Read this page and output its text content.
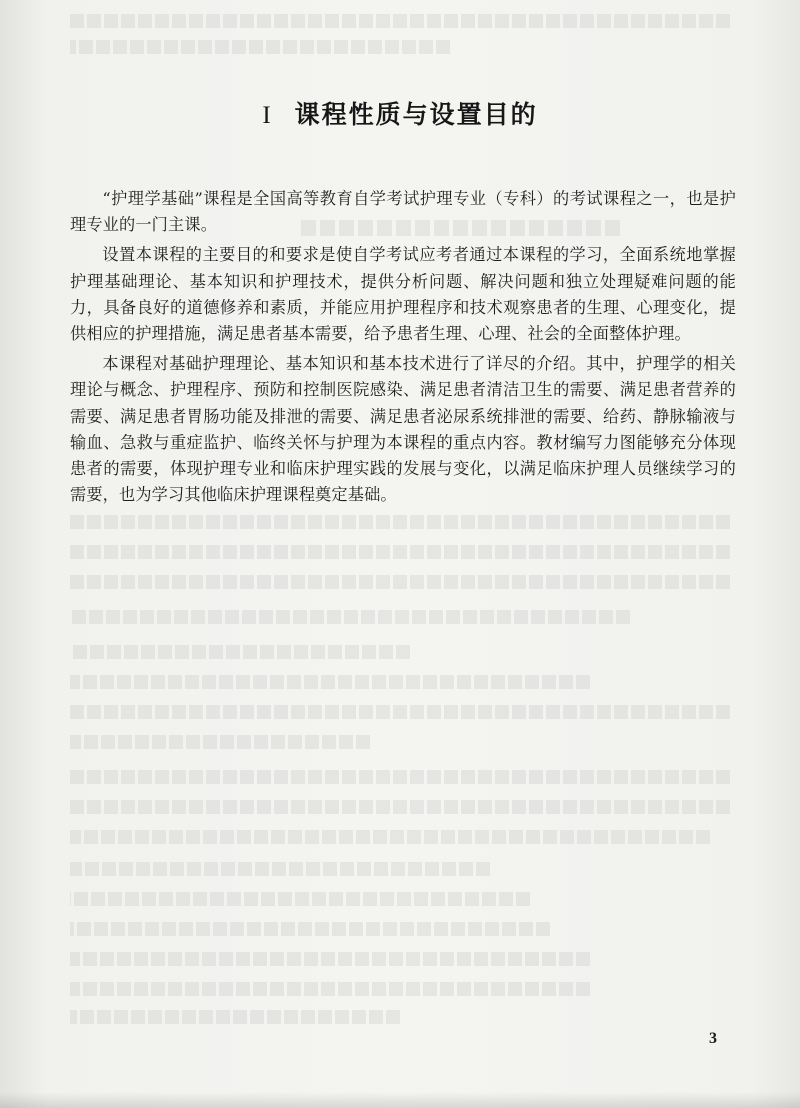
I 课程性质与设置目的

“护理学基础”课程是全国高等教育自学考试护理专业（专科）的考试课程之一，也是护理专业的一门主课。

设置本课程的主要目的和要求是使自学考试应考者通过本课程的学习，全面系统地掌握护理基础理论、基本知识和护理技术，提供分析问题、解决问题和独立处理疑难问题的能力，具备良好的道德修养和素质，并能应用护理程序和技术观察患者的生理、心理变化，提供相应的护理措施，满足患者基本需要，给予患者生理、心理、社会的全面整体护理。

本课程对基础护理理论、基本知识和基本技术进行了详尽的介绍。其中，护理学的相关理论与概念、护理程序、预防和控制医院感染、满足患者清洁卫生的需要、满足患者营养的需要、满足患者胃肠功能及排泄的需要、满足患者泌尿系统排泄的需要、给药、静脉输液与输血、急救与重症监护、临终关怀与护理为本课程的重点内容。教材编写力图能够充分体现患者的需要，体现护理专业和临床护理实践的发展与变化，以满足临床护理人员继续学习的需要，也为学习其他临床护理课程奠定基础。

3
